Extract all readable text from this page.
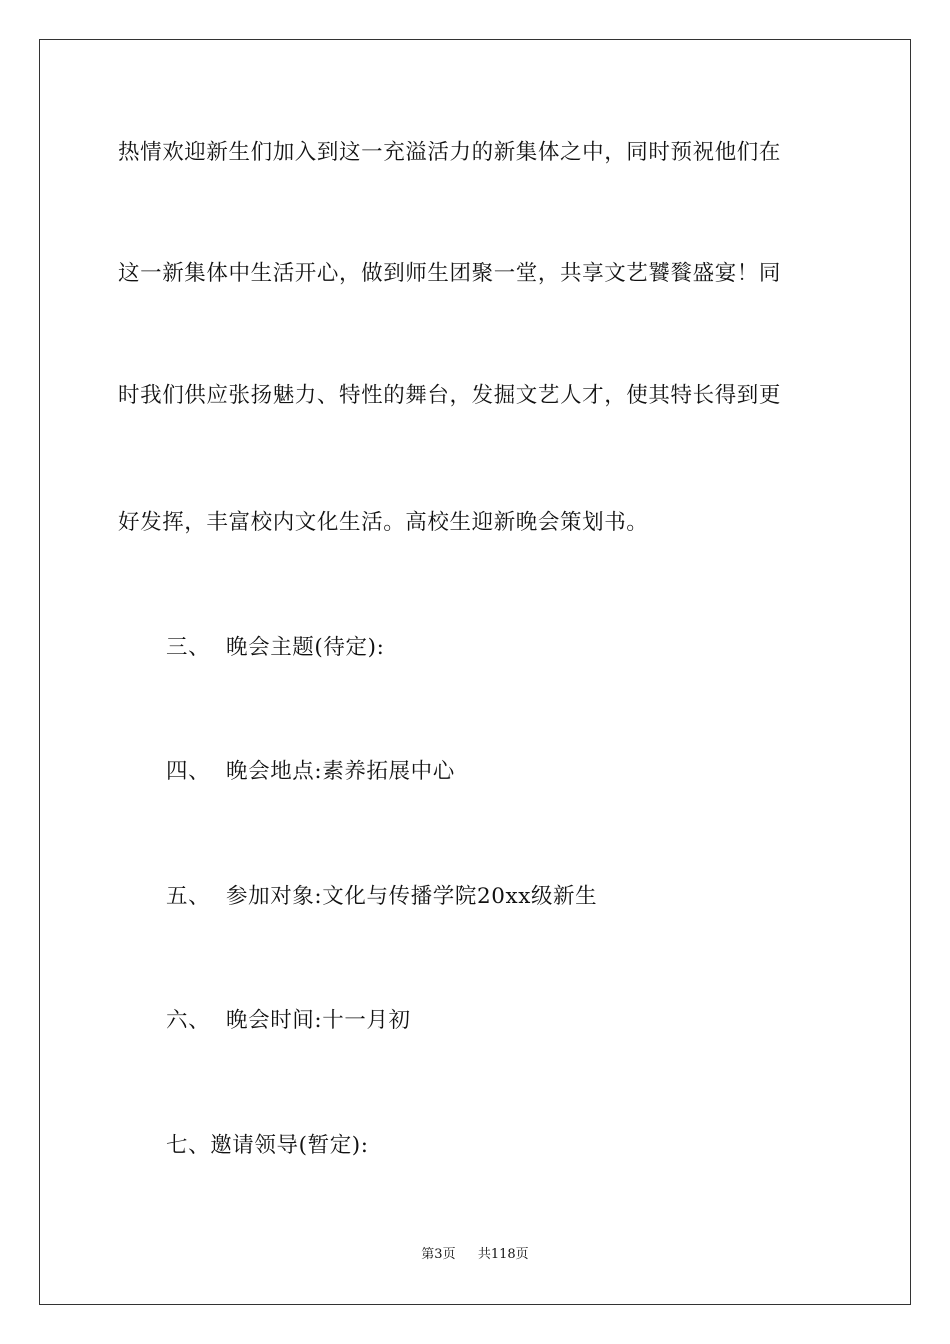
热情欢迎新生们加入到这一充溢活力的新集体之中，同时预祝他们在
这一新集体中生活开心，做到师生团聚一堂，共享文艺饕餮盛宴！同
时我们供应张扬魅力、特性的舞台，发掘文艺人才，使其特长得到更
好发挥，丰富校内文化生活。高校生迎新晚会策划书。
三、 晚会主题(待定):
四、 晚会地点:素养拓展中心
五、 参加对象:文化与传播学院20xx级新生
六、 晚会时间:十一月初
七、邀请领导(暂定):
第3页 共118页
